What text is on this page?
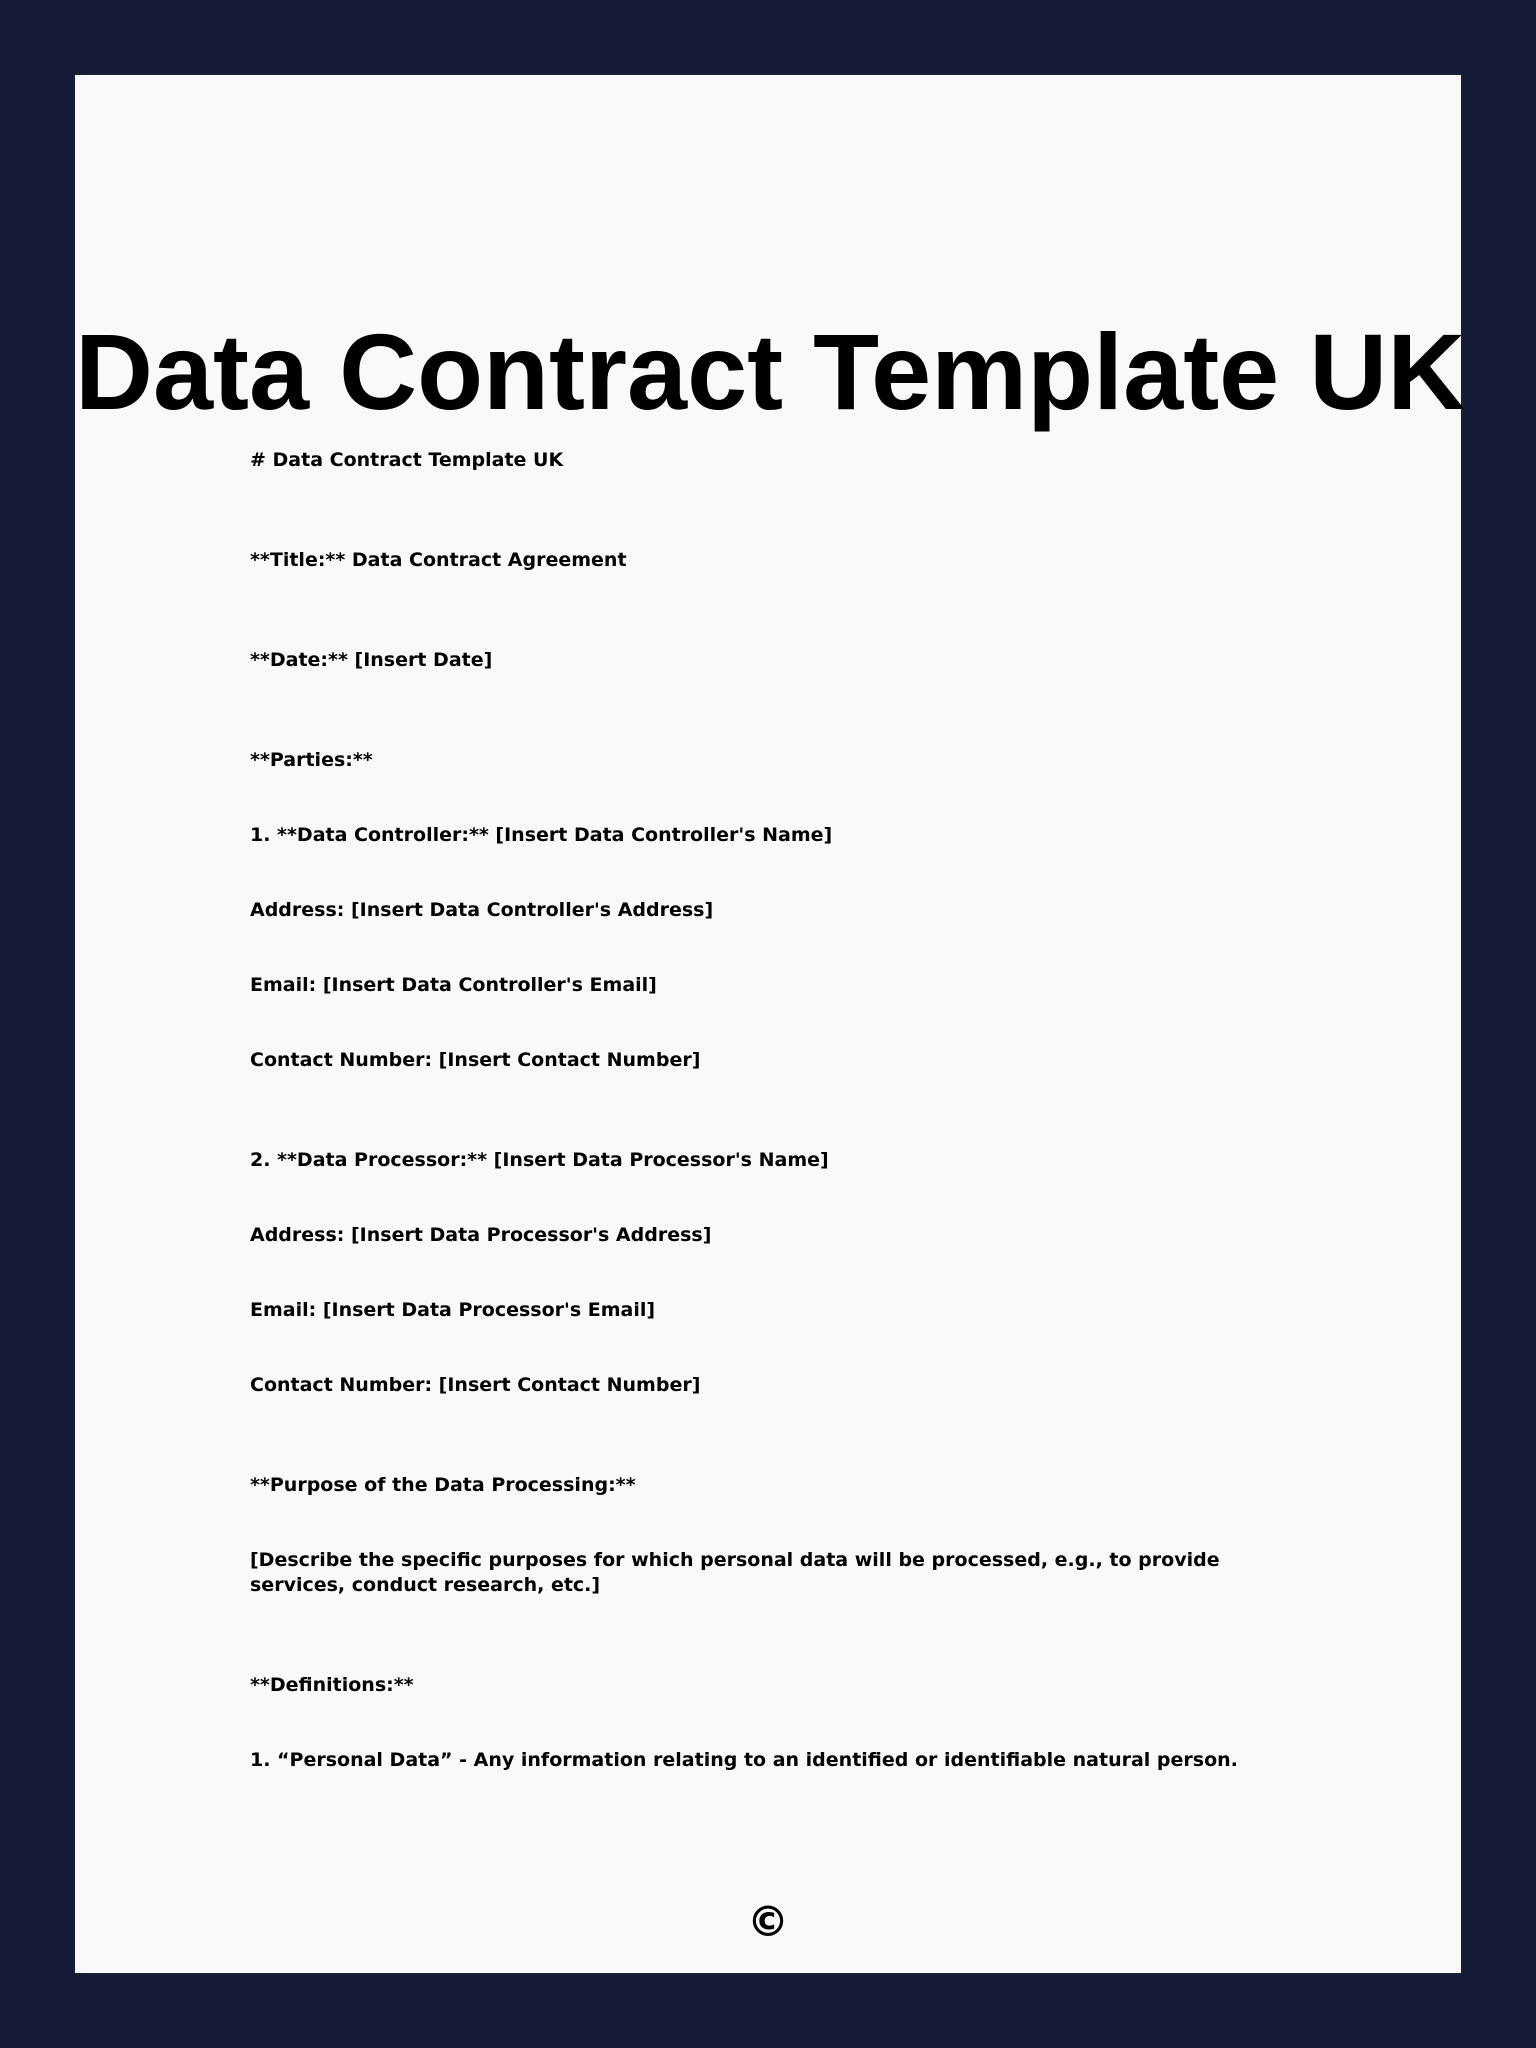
Data Contract Template UK

# Data Contract Template UK

**Title:** Data Contract Agreement

**Date:** [Insert Date]

**Parties:**

1. **Data Controller:** [Insert Data Controller's Name]

Address: [Insert Data Controller's Address]

Email: [Insert Data Controller's Email]

Contact Number: [Insert Contact Number]

2. **Data Processor:** [Insert Data Processor's Name]

Address: [Insert Data Processor's Address]

Email: [Insert Data Processor's Email]

Contact Number: [Insert Contact Number]

**Purpose of the Data Processing:**

[Describe the specific purposes for which personal data will be processed, e.g., to provide services, conduct research, etc.]

**Definitions:**

1. “Personal Data” - Any information relating to an identified or identifiable natural person.

©
